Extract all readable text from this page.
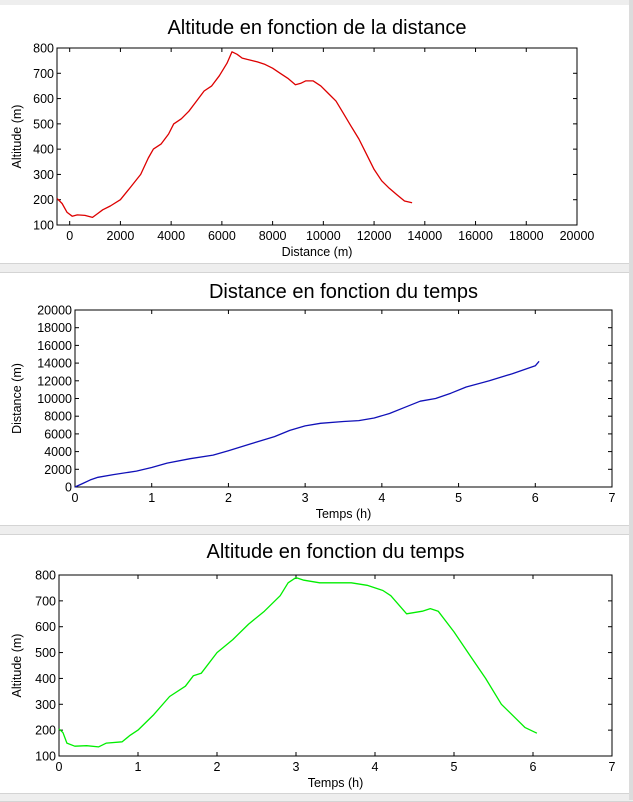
Altitude en fonction de la distance
0	2000 4000 6000 8000 10000 12000 14000 16000 18000 20000
100
200
300
400
500
600
700
800
Distance (m)
Altitude (m)
Distance en fonction du temps
0	1	2	3	4	5	6	7
0
2000
4000
6000
8000
10000
12000
14000
16000
18000
20000
Temps (h)
Distance (m)
Altitude en fonction du temps
0	1	2	3	4	5	6	7
100
200
300
400
500
600
700
800
Temps (h)
Altitude (m)
